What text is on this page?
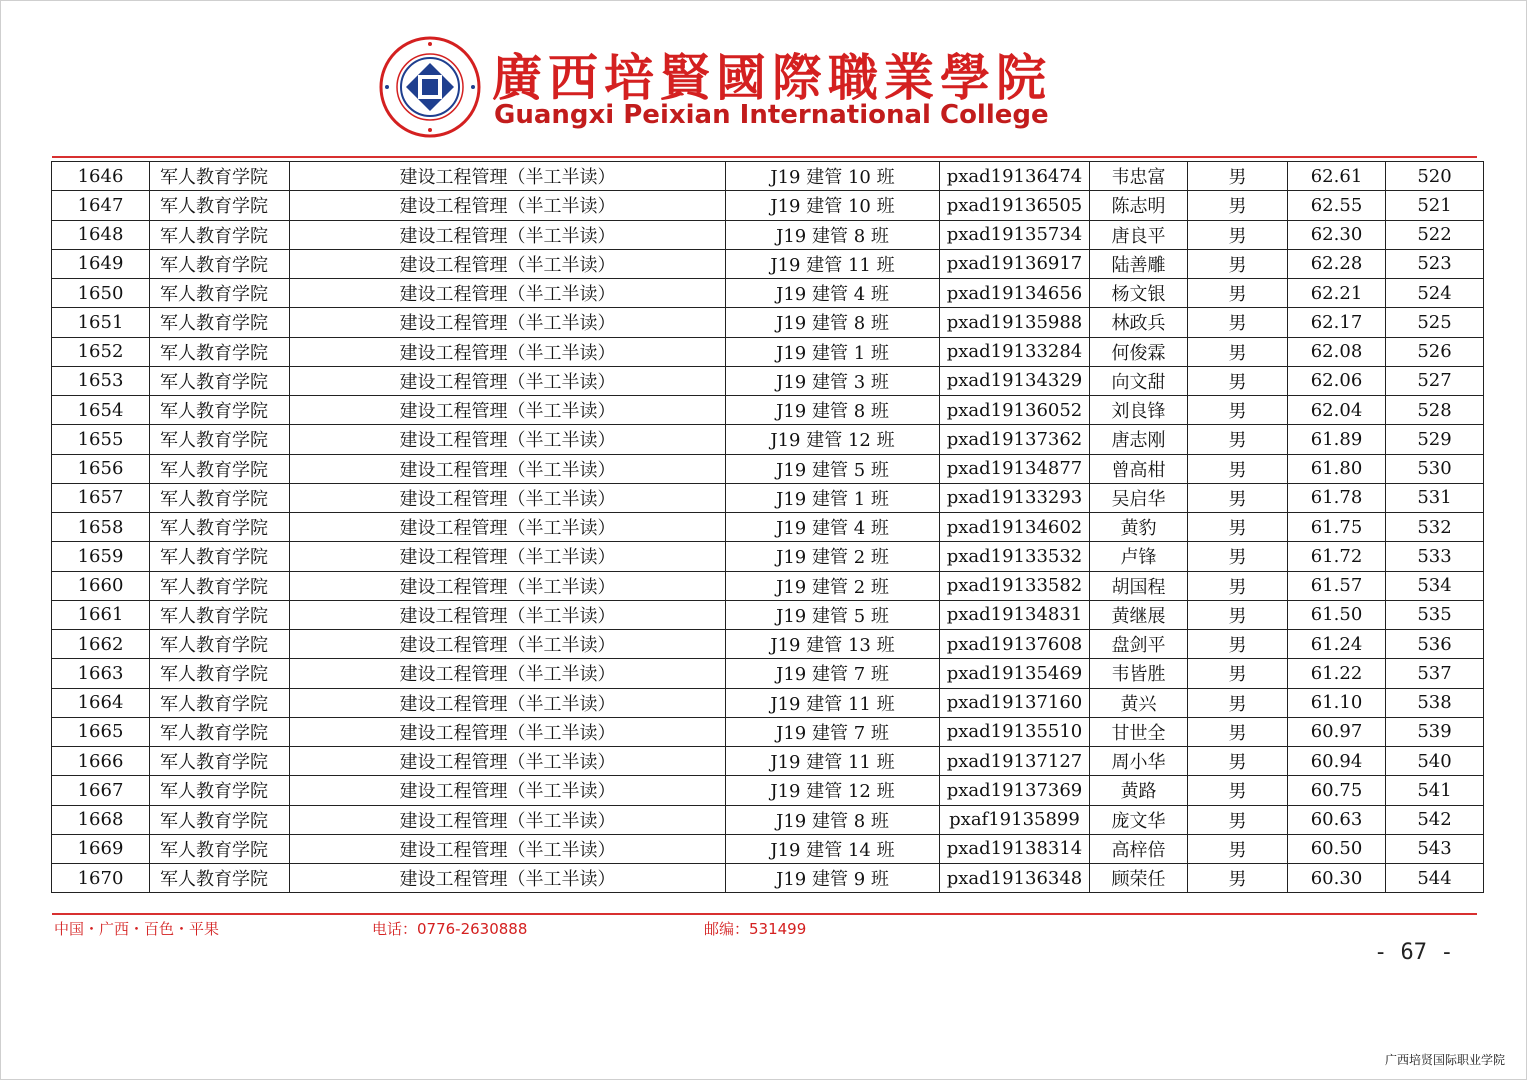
廣西培賢國際職業學院
Guangxi Peixian International College
1646	军人教育学院	建设工程管理（半工半读）	J19 建管 10 班	pxad19136474	韦忠富	男	62.61	520
1647	军人教育学院	建设工程管理（半工半读）	J19 建管 10 班	pxad19136505	陈志明	男	62.55	521
1648	军人教育学院	建设工程管理（半工半读）	J19 建管 8 班	pxad19135734	唐良平	男	62.30	522
1649	军人教育学院	建设工程管理（半工半读）	J19 建管 11 班	pxad19136917	陆善雕	男	62.28	523
1650	军人教育学院	建设工程管理（半工半读）	J19 建管 4 班	pxad19134656	杨文银	男	62.21	524
1651	军人教育学院	建设工程管理（半工半读）	J19 建管 8 班	pxad19135988	林政兵	男	62.17	525
1652	军人教育学院	建设工程管理（半工半读）	J19 建管 1 班	pxad19133284	何俊霖	男	62.08	526
1653	军人教育学院	建设工程管理（半工半读）	J19 建管 3 班	pxad19134329	向文甜	男	62.06	527
1654	军人教育学院	建设工程管理（半工半读）	J19 建管 8 班	pxad19136052	刘良锋	男	62.04	528
1655	军人教育学院	建设工程管理（半工半读）	J19 建管 12 班	pxad19137362	唐志刚	男	61.89	529
1656	军人教育学院	建设工程管理（半工半读）	J19 建管 5 班	pxad19134877	曾高柑	男	61.80	530
1657	军人教育学院	建设工程管理（半工半读）	J19 建管 1 班	pxad19133293	吴启华	男	61.78	531
1658	军人教育学院	建设工程管理（半工半读）	J19 建管 4 班	pxad19134602	黄豹	男	61.75	532
1659	军人教育学院	建设工程管理（半工半读）	J19 建管 2 班	pxad19133532	卢锋	男	61.72	533
1660	军人教育学院	建设工程管理（半工半读）	J19 建管 2 班	pxad19133582	胡国程	男	61.57	534
1661	军人教育学院	建设工程管理（半工半读）	J19 建管 5 班	pxad19134831	黄继展	男	61.50	535
1662	军人教育学院	建设工程管理（半工半读）	J19 建管 13 班	pxad19137608	盘剑平	男	61.24	536
1663	军人教育学院	建设工程管理（半工半读）	J19 建管 7 班	pxad19135469	韦皆胜	男	61.22	537
1664	军人教育学院	建设工程管理（半工半读）	J19 建管 11 班	pxad19137160	黄兴	男	61.10	538
1665	军人教育学院	建设工程管理（半工半读）	J19 建管 7 班	pxad19135510	甘世全	男	60.97	539
1666	军人教育学院	建设工程管理（半工半读）	J19 建管 11 班	pxad19137127	周小华	男	60.94	540
1667	军人教育学院	建设工程管理（半工半读）	J19 建管 12 班	pxad19137369	黄路	男	60.75	541
1668	军人教育学院	建设工程管理（半工半读）	J19 建管 8 班	pxaf19135899	庞文华	男	60.63	542
1669	军人教育学院	建设工程管理（半工半读）	J19 建管 14 班	pxad19138314	高梓倍	男	60.50	543
1670	军人教育学院	建设工程管理（半工半读）	J19 建管 9 班	pxad19136348	顾荣任	男	60.30	544
中国・广西・百色・平果	电话：0776-2630888	邮编：531499
- 67 -
广西培贤国际职业学院
